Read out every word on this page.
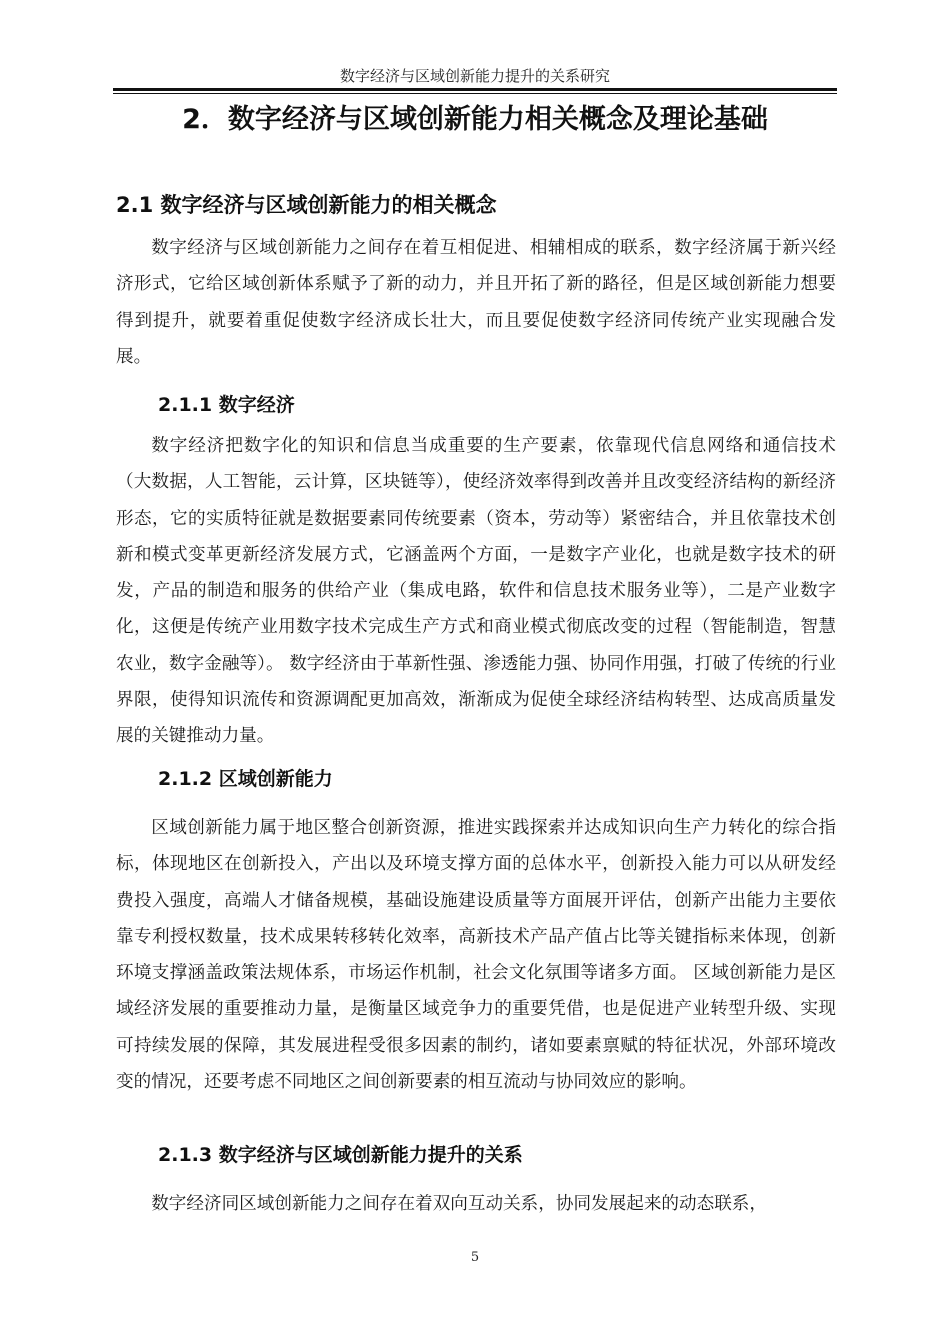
数字经济与区域创新能力提升的关系研究
2．数字经济与区域创新能力相关概念及理论基础
2.1 数字经济与区域创新能力的相关概念

数字经济与区域创新能力之间存在着互相促进、相辅相成的联系，数字经济属于新兴经济形式，它给区域创新体系赋予了新的动力，并且开拓了新的路径，但是区域创新能力想要得到提升，就要着重促使数字经济成长壮大，而且要促使数字经济同传统产业实现融合发展。

2.1.1 数字经济

数字经济把数字化的知识和信息当成重要的生产要素，依靠现代信息网络和通信技术（大数据，人工智能，云计算，区块链等），使经济效率得到改善并且改变经济结构的新经济形态，它的实质特征就是数据要素同传统要素（资本，劳动等）紧密结合，并且依靠技术创新和模式变革更新经济发展方式，它涵盖两个方面，一是数字产业化，也就是数字技术的研发，产品的制造和服务的供给产业（集成电路，软件和信息技术服务业等），二是产业数字化，这便是传统产业用数字技术完成生产方式和商业模式彻底改变的过程（智能制造，智慧农业，数字金融等）。 数字经济由于革新性强、渗透能力强、协同作用强，打破了传统的行业界限，使得知识流传和资源调配更加高效，渐渐成为促使全球经济结构转型、达成高质量发展的关键推动力量。

2.1.2 区域创新能力

区域创新能力属于地区整合创新资源，推进实践探索并达成知识向生产力转化的综合指标，体现地区在创新投入，产出以及环境支撑方面的总体水平，创新投入能力可以从研发经费投入强度，高端人才储备规模，基础设施建设质量等方面展开评估，创新产出能力主要依靠专利授权数量，技术成果转移转化效率，高新技术产品产值占比等关键指标来体现，创新环境支撑涵盖政策法规体系，市场运作机制，社会文化氛围等诸多方面。 区域创新能力是区域经济发展的重要推动力量，是衡量区域竞争力的重要凭借，也是促进产业转型升级、实现可持续发展的保障，其发展进程受很多因素的制约，诸如要素禀赋的特征状况，外部环境改变的情况，还要考虑不同地区之间创新要素的相互流动与协同效应的影响。

2.1.3 数字经济与区域创新能力提升的关系

数字经济同区域创新能力之间存在着双向互动关系，协同发展起来的动态联系，

5
